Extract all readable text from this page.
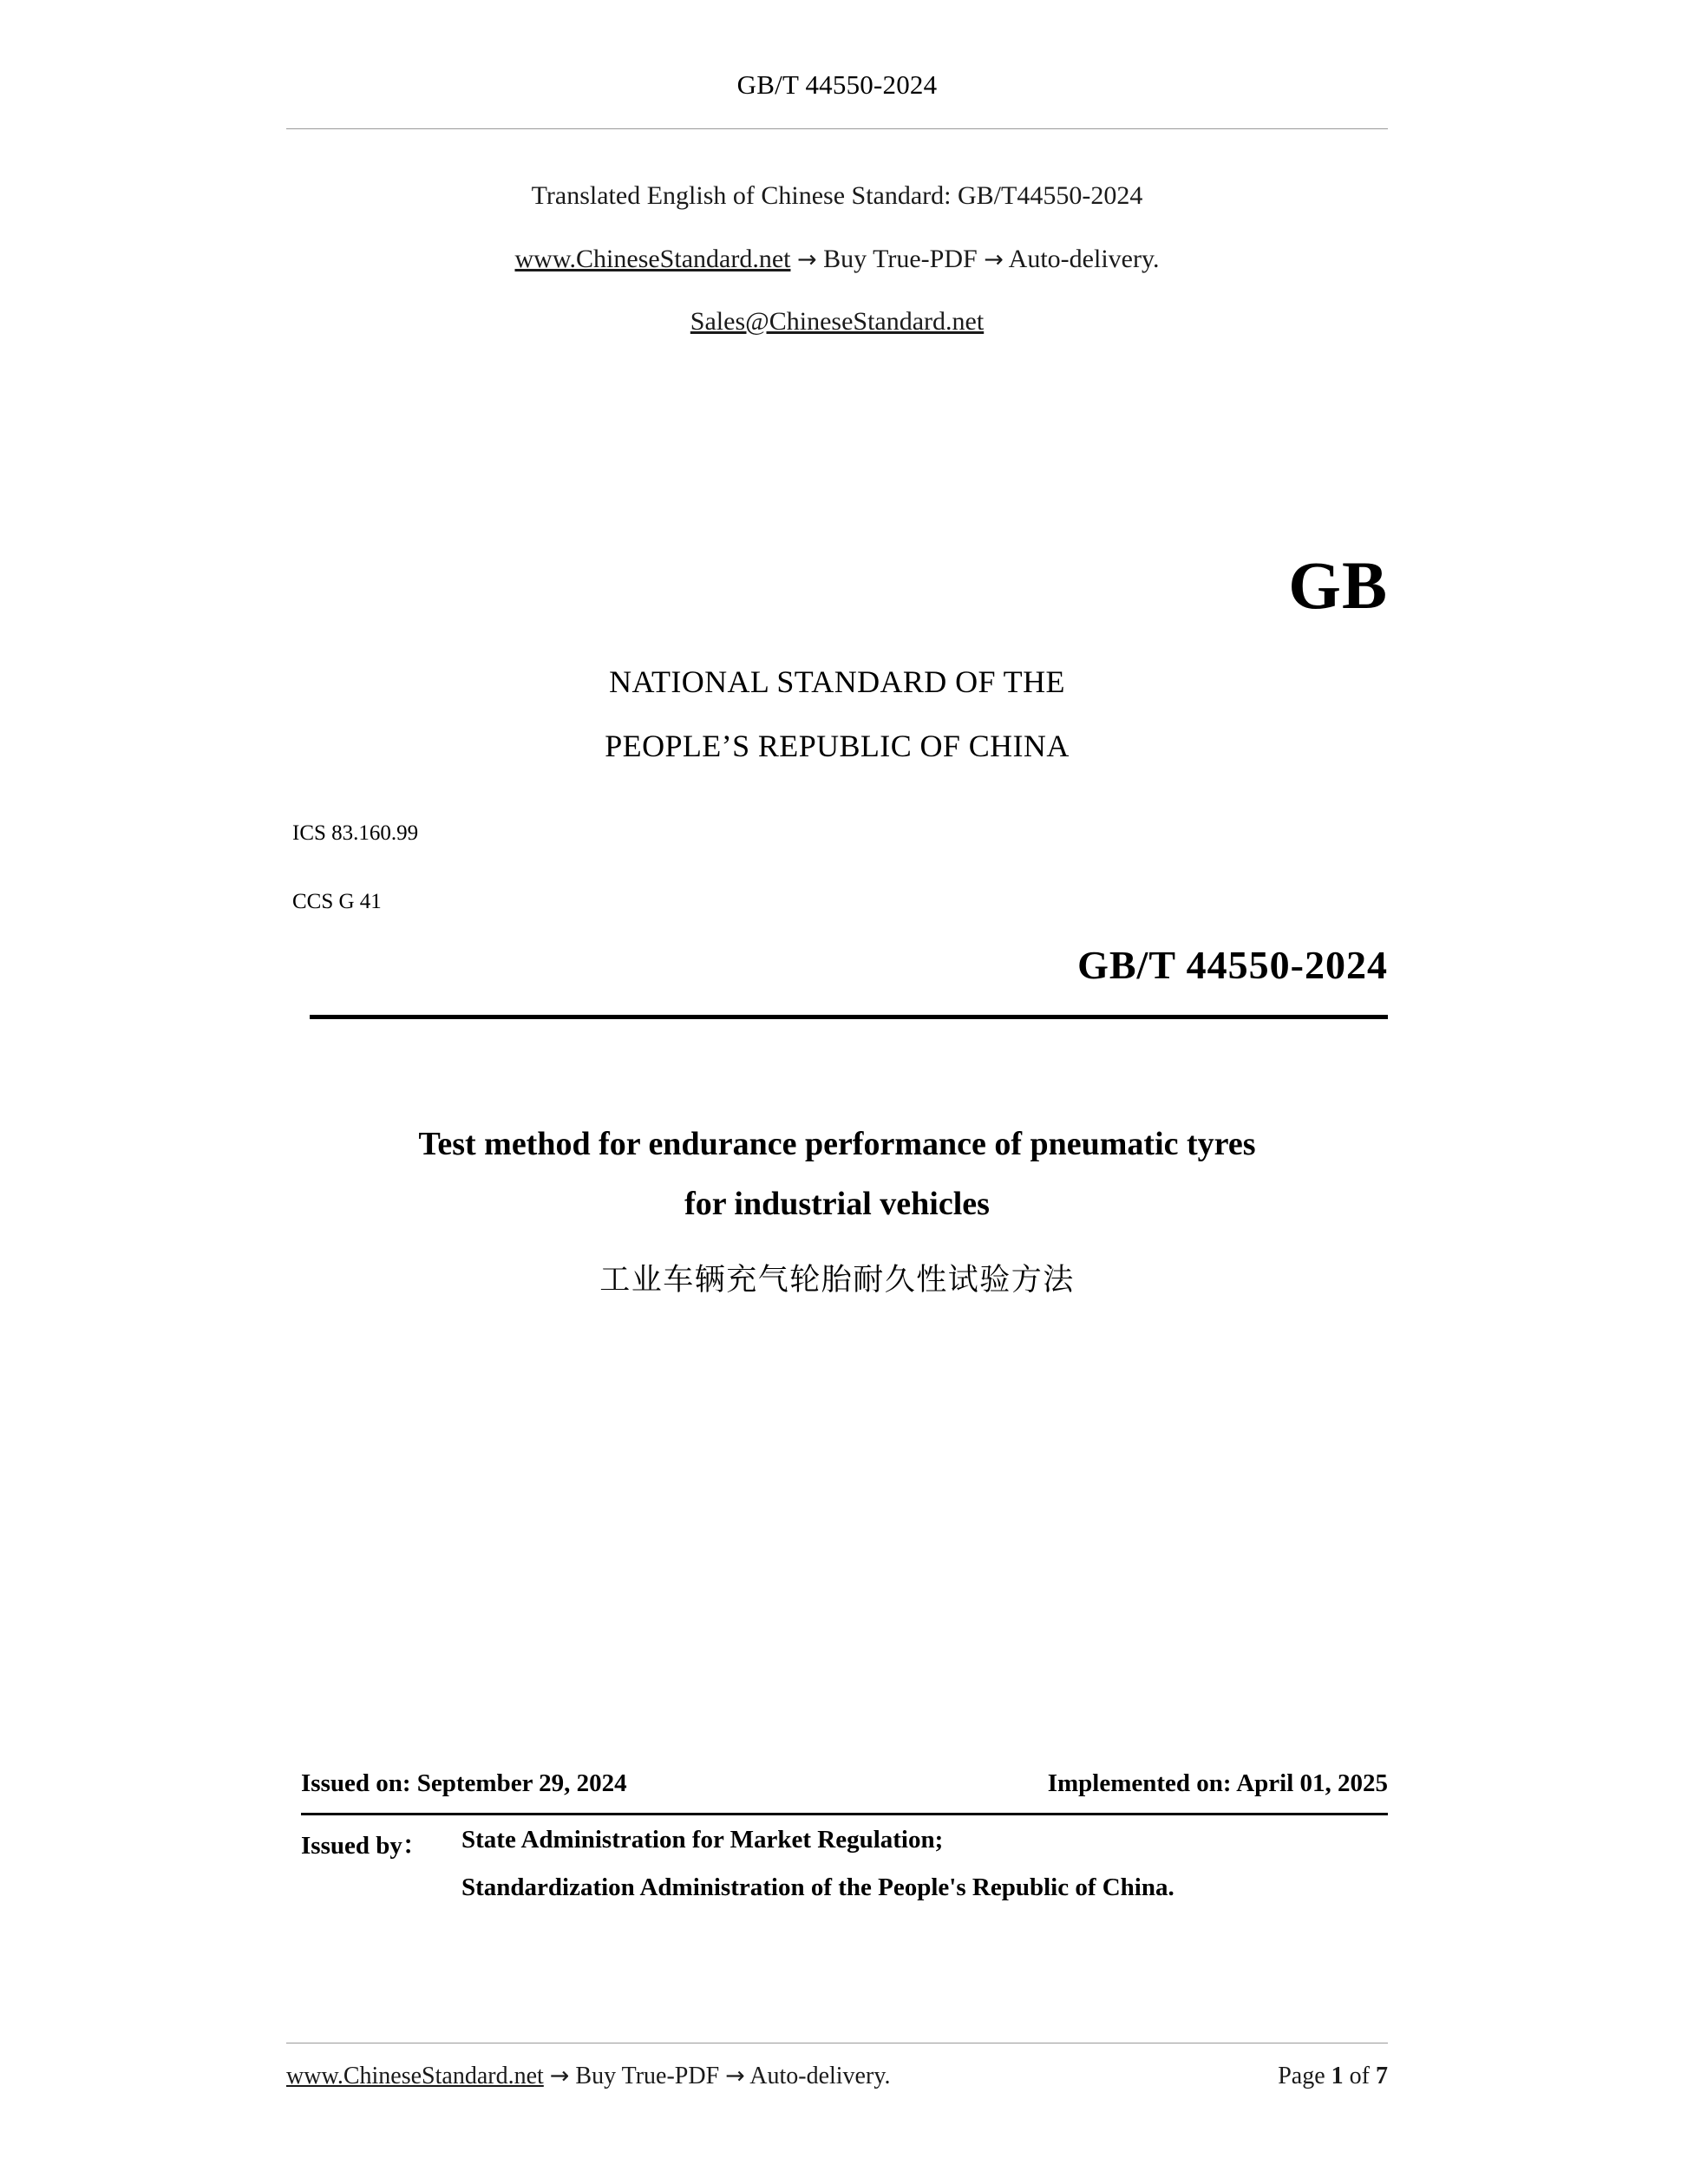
GB/T 44550-2024
Translated English of Chinese Standard: GB/T44550-2024
www.ChineseStandard.net → Buy True-PDF → Auto-delivery.
Sales@ChineseStandard.net
GB
NATIONAL STANDARD OF THE
PEOPLE’S REPUBLIC OF CHINA
ICS 83.160.99
CCS G 41
GB/T 44550-2024
Test method for endurance performance of pneumatic tyres
for industrial vehicles
工业车辆充气轮胎耐久性试验方法
Issued on: September 29, 2024	Implemented on: April 01, 2025
Issued by： State Administration for Market Regulation;
Standardization Administration of the People's Republic of China.
www.ChineseStandard.net → Buy True-PDF → Auto-delivery.	Page 1 of 7
